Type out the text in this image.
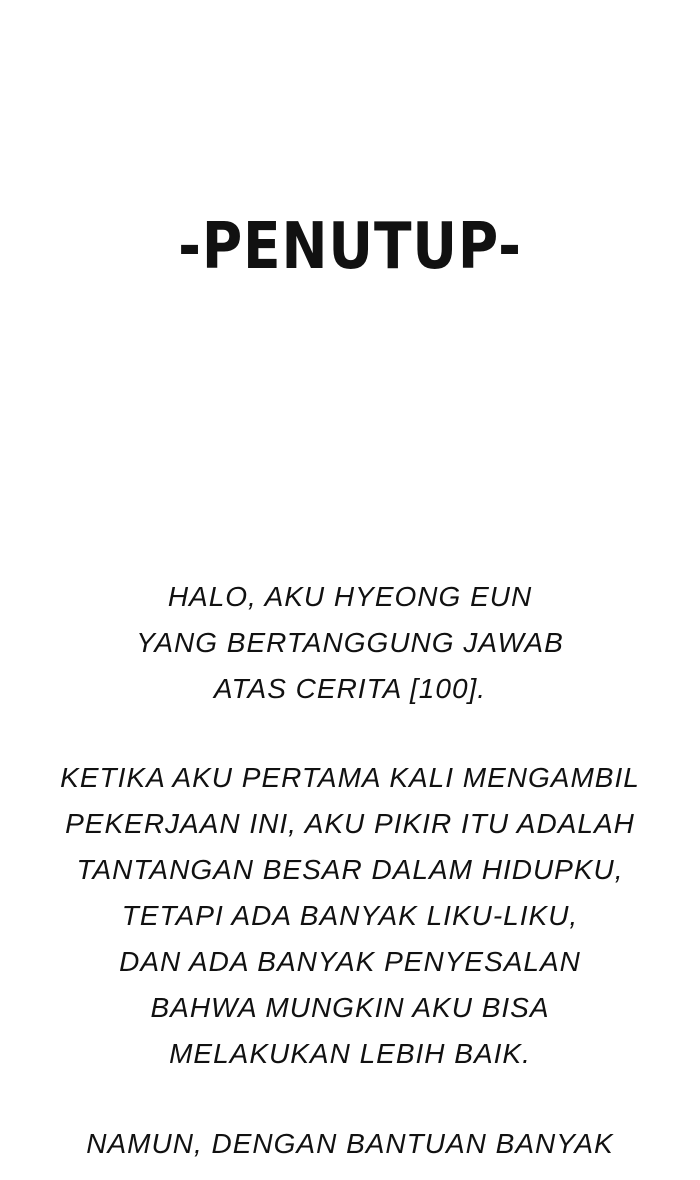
-PENUTUP-
HALO, AKU HYEONG EUN
YANG BERTANGGUNG JAWAB
ATAS CERITA [100].
KETIKA AKU PERTAMA KALI MENGAMBIL
PEKERJAAN INI, AKU PIKIR ITU ADALAH
TANTANGAN BESAR DALAM HIDUPKU,
TETAPI ADA BANYAK LIKU-LIKU,
DAN ADA BANYAK PENYESALAN
BAHWA MUNGKIN AKU BISA
MELAKUKAN LEBIH BAIK.
NAMUN, DENGAN BANTUAN BANYAK
